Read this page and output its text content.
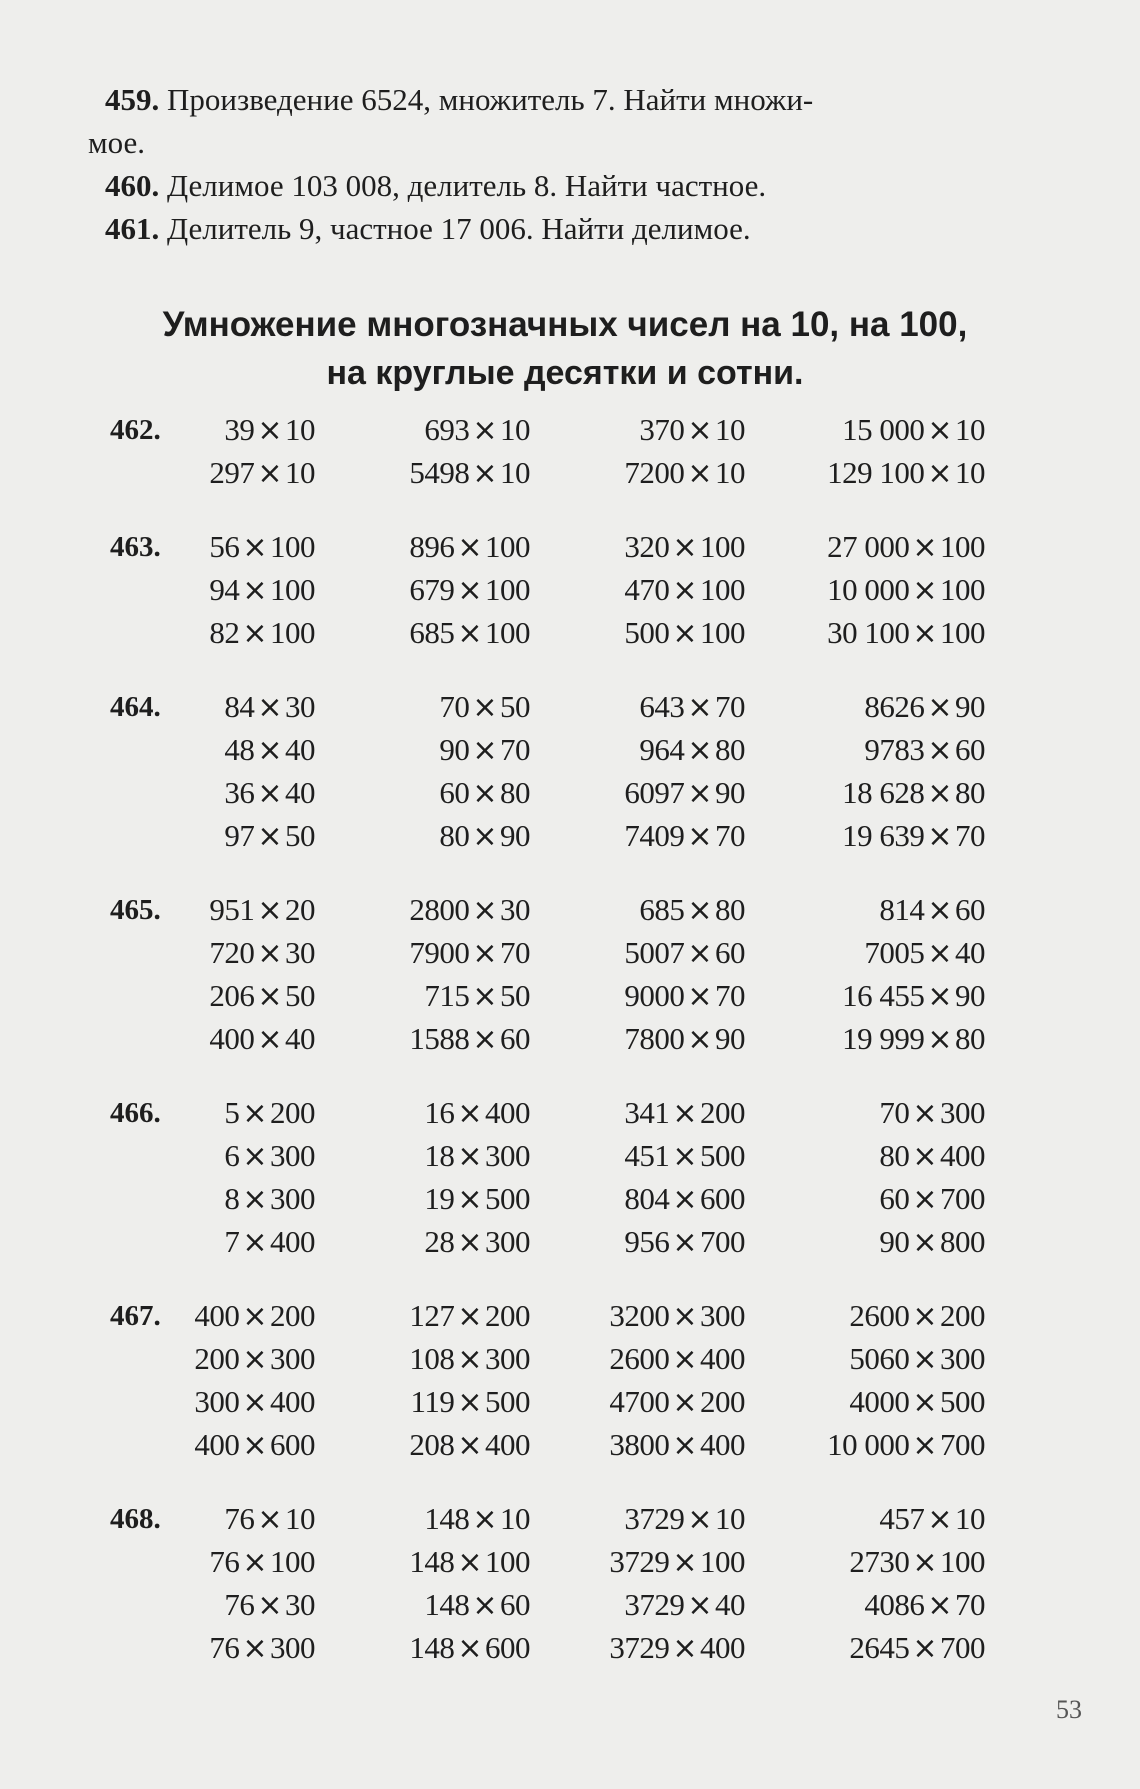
459. Произведение 6524, множитель 7. Найти множи-
мое.
460. Делимое 103 008, делитель 8. Найти частное.
461. Делитель 9, частное 17 006. Найти делимое.
Умножение многозначных чисел на 10, на 100,
на круглые десятки и сотни.
462.	39 ×10	693 ×10	370 ×10	15 000 ×10
297 ×10	5498 ×10	7200 ×10	129 100 ×10
463.	56 ×100	896 ×100	320 ×100	27 000 ×100
94 ×100	679 ×100	470 ×100	10 000 ×100
82 ×100	685 ×100	500 ×100	30 100 ×100
464.	84 ×30	70 ×50	643 ×70	8626 ×90
48 ×40	90 ×70	964 ×80	9783 ×60
36 ×40	60 ×80	6097 ×90	18 628 ×80
97 ×50	80 ×90	7409 ×70	19 639 ×70
465.	951 ×20	2800 ×30	685 ×80	814 ×60
720 ×30	7900 ×70	5007 ×60	7005 ×40
206 ×50	715 ×50	9000 ×70	16 455 ×90
400 ×40	1588 ×60	7800 ×90	19 999 ×80
466.	5 ×200	16 ×400	341 ×200	70 ×300
6 ×300	18 ×300	451 ×500	80 ×400
8 ×300	19 ×500	804 ×600	60 ×700
7 ×400	28 ×300	956 ×700	90 ×800
467.	400 ×200	127 ×200	3200 ×300	2600 ×200
200 ×300	108 ×300	2600 ×400	5060 ×300
300 ×400	119 ×500	4700 ×200	4000 ×500
400 ×600	208 ×400	3800 ×400	10 000 ×700
468.	76 ×10	148 ×10	3729 ×10	457 ×10
76 ×100	148 ×100	3729 ×100	2730 ×100
76 ×30	148 ×60	3729 ×40	4086 ×70
76 ×300	148 ×600	3729 ×400	2645 ×700
53
